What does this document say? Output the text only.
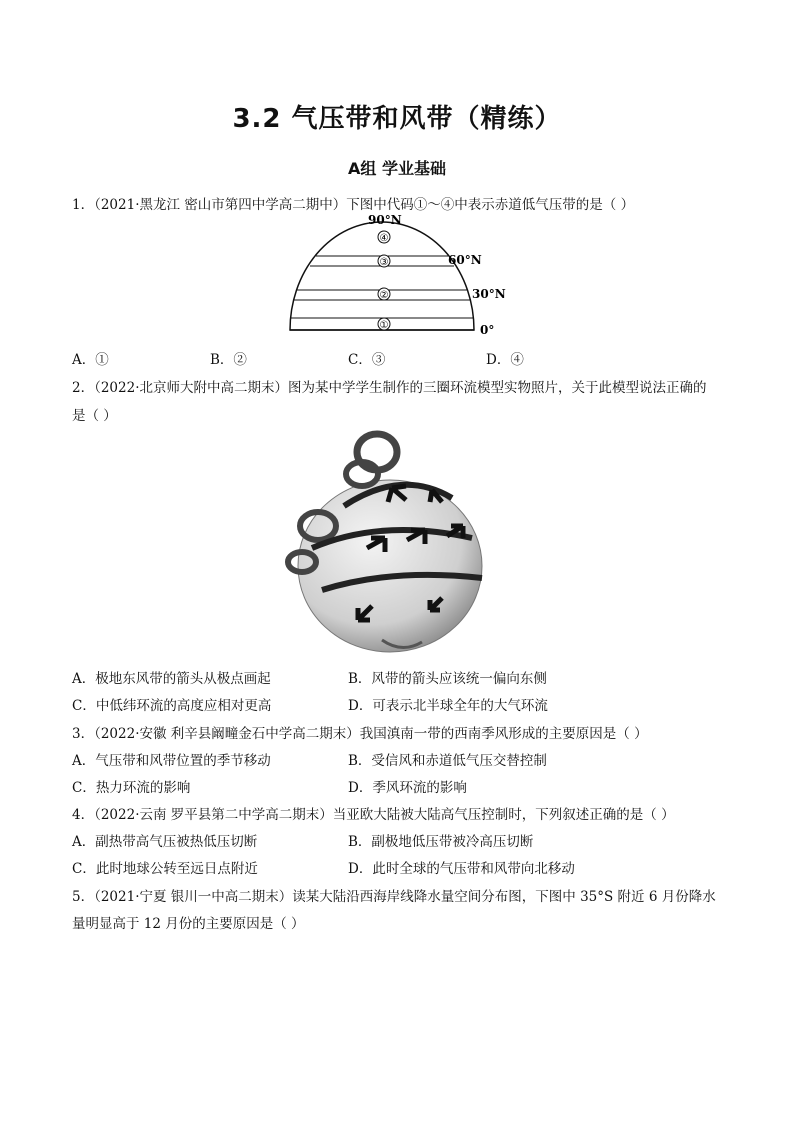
3.2 气压带和风带（精练）
A组 学业基础
1．（2021·黑龙江 密山市第四中学高二期中）下图中代码①～④中表示赤道低气压带的是（ ）
①
②
③
④
90°N
60°N
30°N
0°
A．①	B．②	C．③	D．④
2．（2022·北京师大附中高二期末）图为某中学学生制作的三圈环流模型实物照片，关于此模型说法正确的
是（ ）
A．极地东风带的箭头从极点画起	B．风带的箭头应该统一偏向东侧
C．中低纬环流的高度应相对更高	D．可表示北半球全年的大气环流
3．（2022·安徽 利辛县阚疃金石中学高二期末）我国滇南一带的西南季风形成的主要原因是（ ）
A．气压带和风带位置的季节移动	B．受信风和赤道低气压交替控制
C．热力环流的影响	D．季风环流的影响
4．（2022·云南 罗平县第二中学高二期末）当亚欧大陆被大陆高气压控制时，下列叙述正确的是（ ）
A．副热带高气压被热低压切断	B．副极地低压带被冷高压切断
C．此时地球公转至远日点附近	D．此时全球的气压带和风带向北移动
5．（2021·宁夏 银川一中高二期末）读某大陆沿西海岸线降水量空间分布图，下图中 35°S 附近 6 月份降水
量明显高于 12 月份的主要原因是（ ）
